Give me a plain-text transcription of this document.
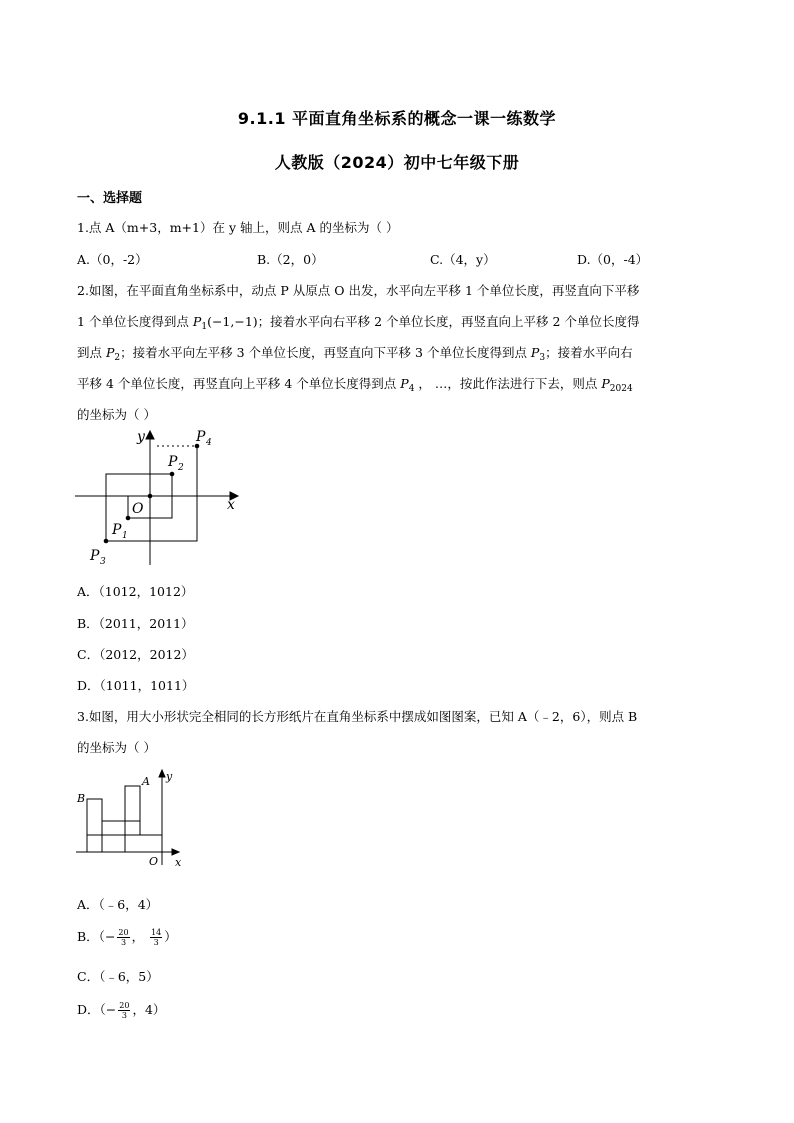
9.1.1 平面直角坐标系的概念一课一练数学
人教版（2024）初中七年级下册
一、选择题
1.点 A（m+3，m+1）在 y 轴上，则点 A 的坐标为（ ）
A.（0，-2）	B.（2，0）	C.（4，y）	D.（0，-4）
2.如图，在平面直角坐标系中，动点 P 从原点 O 出发，水平向左平移 1 个单位长度，再竖直向下平移
1 个单位长度得到点 $P_1(-1,-1)$；接着水平向右平移 2 个单位长度，再竖直向上平移 2 个单位长度得
到点 $P_2$；接着水平向左平移 3 个单位长度，再竖直向下平移 3 个单位长度得到点 $P_3$；接着水平向右
平移 4 个单位长度，再竖直向上平移 4 个单位长度得到点 $P_4$ ， …，按此作法进行下去，则点 $P_{2024}$
的坐标为（ ）
y
x
O
P 1
P 2
P 3
P 4
A．（1012，1012）
B．（2011，2011）
C．（2012，2012）
D．（1011，1011）
3.如图，用大小形状完全相同的长方形纸片在直角坐标系中摆成如图图案，已知 A（﹣2，6），则点 B
的坐标为（ ）
y
x
O
A
B
A．（﹣6，4）
B．（− $\frac{20}{3}$ ， $\frac{14}{3}$ ）
C．（﹣6，5）
D．（− $\frac{20}{3}$ ，4）
